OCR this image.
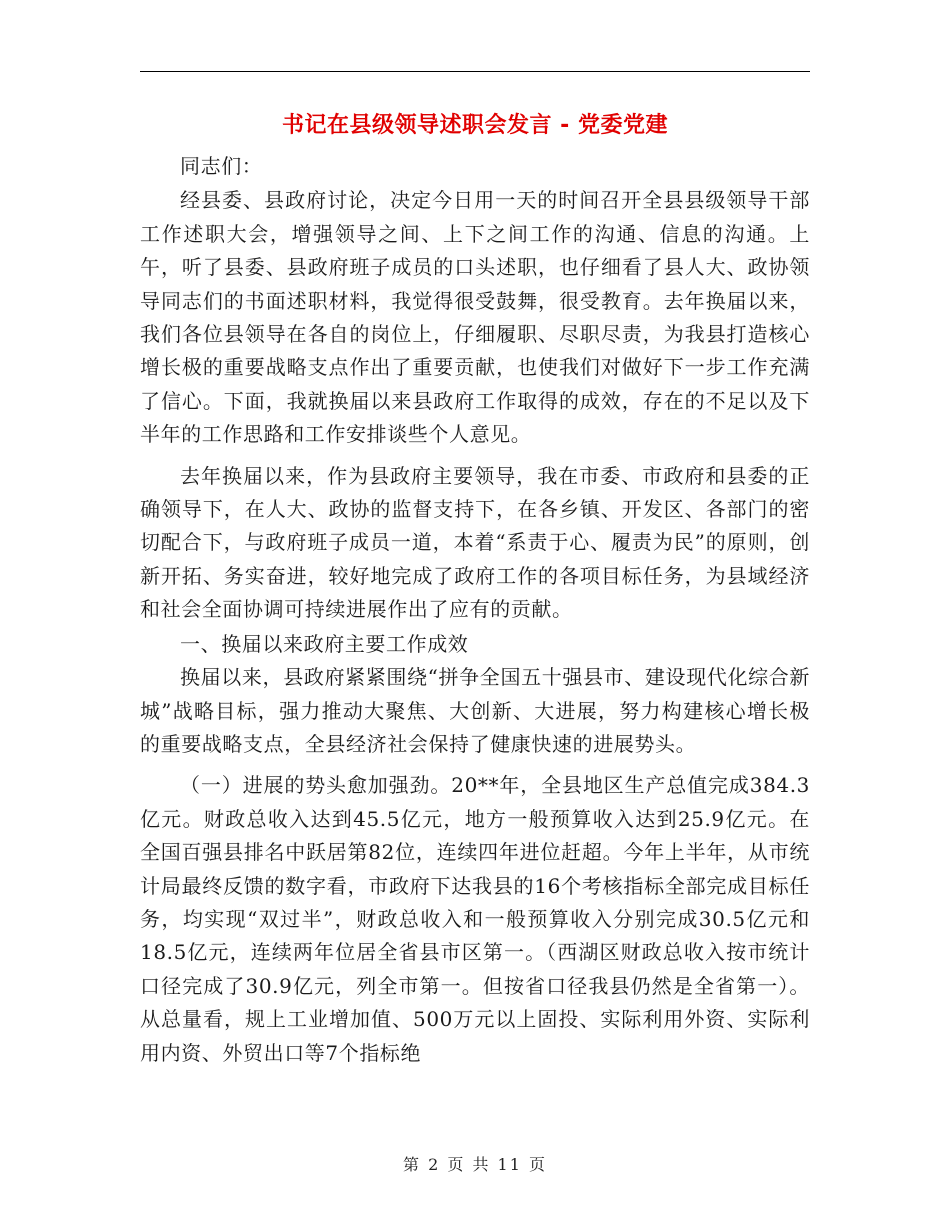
书记在县级领导述职会发言 - 党委党建

同志们：

经县委、县政府讨论，决定今日用一天的时间召开全县县级领导干部工作述职大会，增强领导之间、上下之间工作的沟通、信息的沟通。上午，听了县委、县政府班子成员的口头述职，也仔细看了县人大、政协领导同志们的书面述职材料，我觉得很受鼓舞，很受教育。去年换届以来，我们各位县领导在各自的岗位上，仔细履职、尽职尽责，为我县打造核心增长极的重要战略支点作出了重要贡献，也使我们对做好下一步工作充满了信心。下面，我就换届以来县政府工作取得的成效，存在的不足以及下半年的工作思路和工作安排谈些个人意见。

去年换届以来，作为县政府主要领导，我在市委、市政府和县委的正确领导下，在人大、政协的监督支持下，在各乡镇、开发区、各部门的密切配合下，与政府班子成员一道，本着“系责于心、履责为民”的原则，创新开拓、务实奋进，较好地完成了政府工作的各项目标任务，为县域经济和社会全面协调可持续进展作出了应有的贡献。

一、换届以来政府主要工作成效

换届以来，县政府紧紧围绕“拼争全国五十强县市、建设现代化综合新城”战略目标，强力推动大聚焦、大创新、大进展，努力构建核心增长极的重要战略支点，全县经济社会保持了健康快速的进展势头。

（一）进展的势头愈加强劲。20**年，全县地区生产总值完成384.3亿元。财政总收入达到45.5亿元，地方一般预算收入达到25.9亿元。在全国百强县排名中跃居第82位，连续四年进位赶超。今年上半年，从市统计局最终反馈的数字看，市政府下达我县的16个考核指标全部完成目标任务，均实现“双过半”，财政总收入和一般预算收入分别完成30.5亿元和18.5亿元，连续两年位居全省县市区第一。（西湖区财政总收入按市统计口径完成了30.9亿元，列全市第一。但按省口径我县仍然是全省第一）。从总量看，规上工业增加值、500万元以上固投、实际利用外资、实际利用内资、外贸出口等7个指标绝

第 2 页 共 11 页
